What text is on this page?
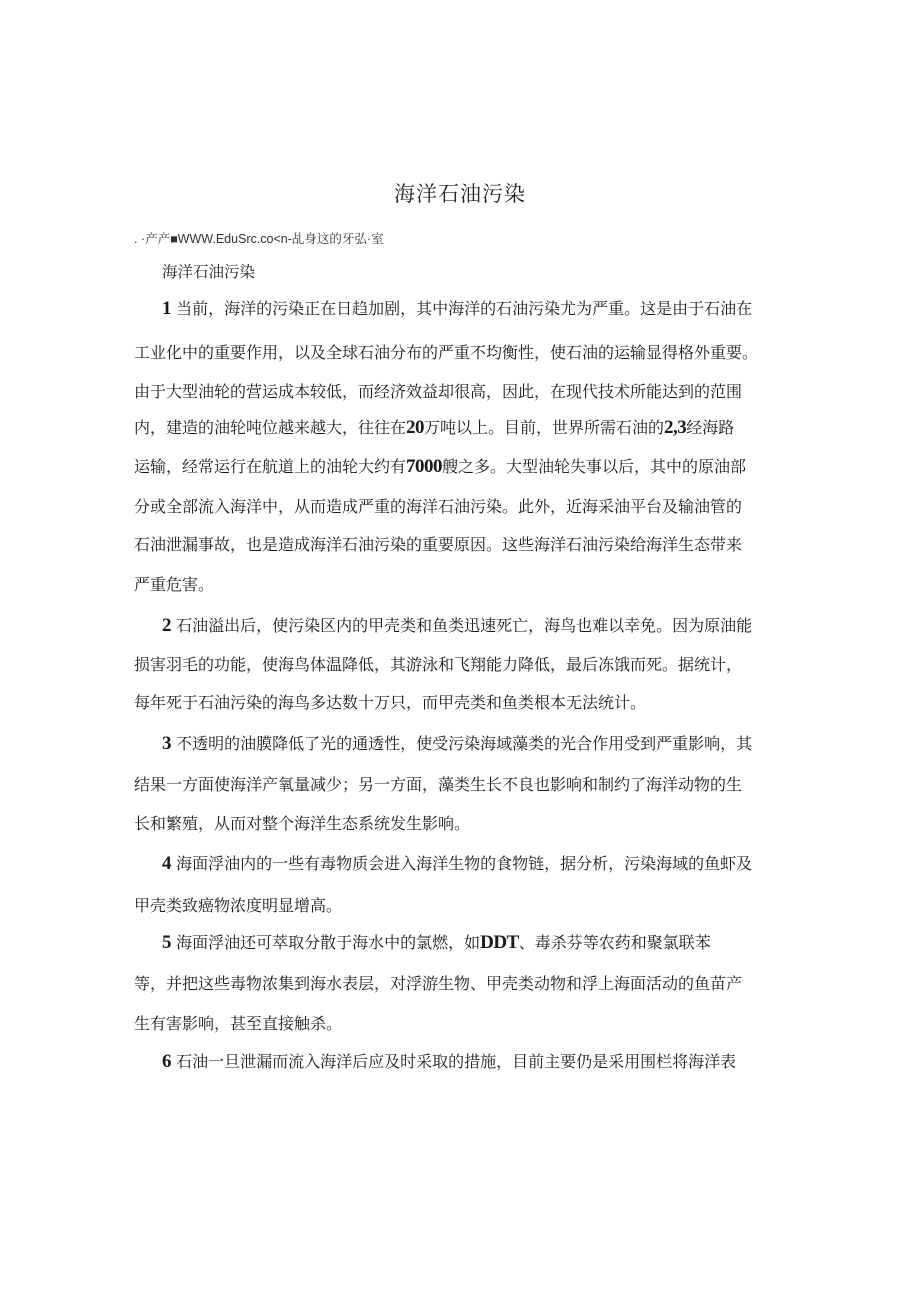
海洋石油污染
. ·产产■WWW.EduSrc.co<n-乩身这的牙弘·室
海洋石油污染
1 当前，海洋的污染正在日趋加剧，其中海洋的石油污染尤为严重。这是由于石油在
工业化中的重要作用，以及全球石油分布的严重不均衡性，使石油的运输显得格外重要。
由于大型油轮的营运成本较低，而经济效益却很高，因此，在现代技术所能达到的范围
内，建造的油轮吨位越来越大，往往在20万吨以上。目前，世界所需石油的2,3经海路
运输，经常运行在航道上的油轮大约有7000艘之多。大型油轮失事以后，其中的原油部
分或全部流入海洋中，从而造成严重的海洋石油污染。此外，近海采油平台及输油管的
石油泄漏事故，也是造成海洋石油污染的重要原因。这些海洋石油污染给海洋生态带来
严重危害。
2 石油溢出后，使污染区内的甲壳类和鱼类迅速死亡，海鸟也难以幸免。因为原油能
损害羽毛的功能，使海鸟体温降低，其游泳和飞翔能力降低，最后冻饿而死。据统计，
每年死于石油污染的海鸟多达数十万只，而甲壳类和鱼类根本无法统计。
3 不透明的油膜降低了光的通透性，使受污染海域藻类的光合作用受到严重影响，其
结果一方面使海洋产氧量减少；另一方面，藻类生长不良也影响和制约了海洋动物的生
长和繁殖，从而对整个海洋生态系统发生影响。
4 海面浮油内的一些有毒物质会进入海洋生物的食物链，据分析，污染海域的鱼虾及
甲壳类致癌物浓度明显增高。
5 海面浮油还可萃取分散于海水中的氯燃，如DDT、毒杀芬等农药和聚氯联苯
等，并把这些毒物浓集到海水表层，对浮游生物、甲壳类动物和浮上海面活动的鱼苗产
生有害影响，甚至直接触杀。
6 石油一旦泄漏而流入海洋后应及时采取的措施，目前主要仍是采用围栏将海洋表
